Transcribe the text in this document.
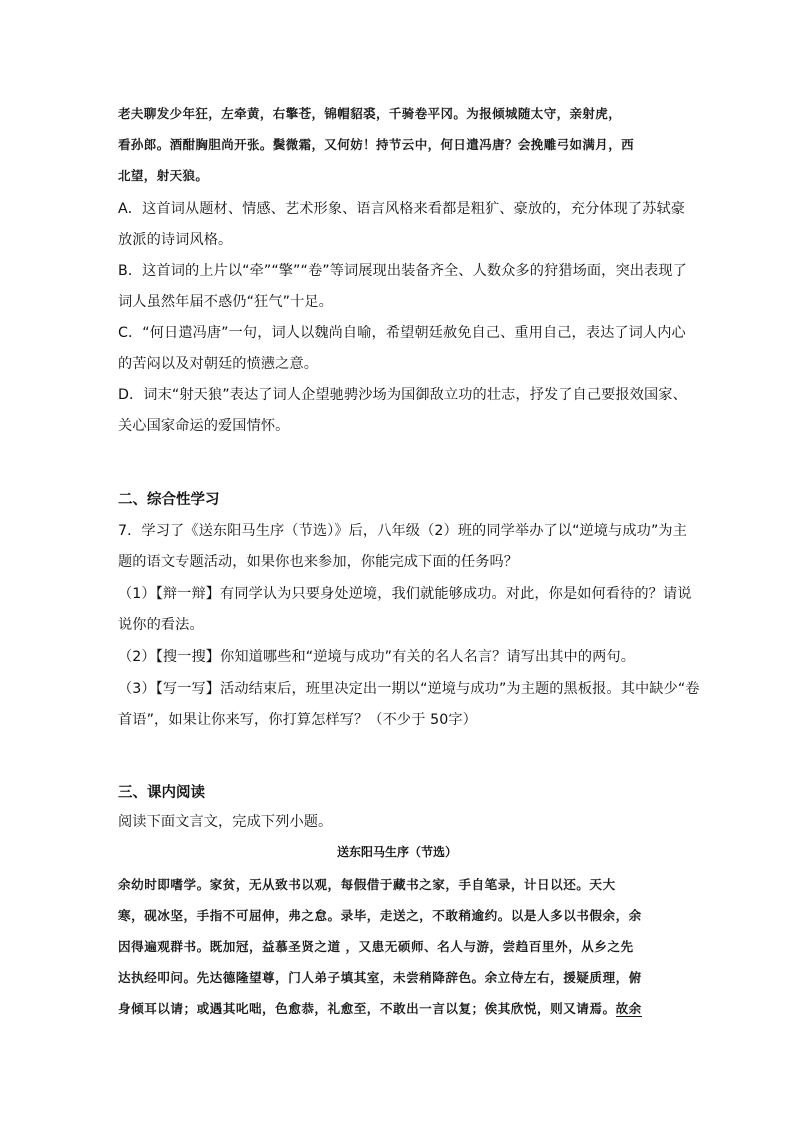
老夫聊发少年狂，左牵黄，右擎苍，锦帽貂裘，千骑卷平冈。为报倾城随太守，亲射虎，
看孙郎。酒酣胸胆尚开张。鬓微霜，又何妨！持节云中，何日遣冯唐？会挽雕弓如满月，西
北望，射天狼。
A．这首词从题材、情感、艺术形象、语言风格来看都是粗犷、豪放的，充分体现了苏轼豪
放派的诗词风格。
B．这首词的上片以“牵”“擎”“卷”等词展现出装备齐全、人数众多的狩猎场面，突出表现了
词人虽然年届不惑仍“狂气”十足。
C．“何日遣冯唐”一句，词人以魏尚自喻，希望朝廷赦免自己、重用自己，表达了词人内心
的苦闷以及对朝廷的愤懑之意。
D．词末“射天狼”表达了词人企望驰骋沙场为国御敌立功的壮志，抒发了自己要报效国家、
关心国家命运的爱国情怀。
二、综合性学习
7．学习了《送东阳马生序（节选）》后，八年级（2）班的同学举办了以“逆境与成功”为主
题的语文专题活动，如果你也来参加，你能完成下面的任务吗？
（1）【辩一辩】有同学认为只要身处逆境，我们就能够成功。对此，你是如何看待的？请说
说你的看法。
（2）【搜一搜】你知道哪些和“逆境与成功”有关的名人名言？请写出其中的两句。
（3）【写一写】活动结束后，班里决定出一期以“逆境与成功”为主题的黑板报。其中缺少“卷
首语”，如果让你来写，你打算怎样写？（不少于 50字）
三、课内阅读
阅读下面文言文，完成下列小题。
送东阳马生序（节选）
余幼时即嗜学。家贫，无从致书以观，每假借于藏书之家，手自笔录，计日以还。天大
寒，砚冰坚，手指不可屈伸，弗之怠。录毕，走送之，不敢稍逾约。以是人多以书假余，余
因得遍观群书。既加冠，益慕圣贤之道 ，又患无硕师、名人与游，尝趋百里外，从乡之先
达执经叩问。先达德隆望尊，门人弟子填其室，未尝稍降辞色。余立侍左右，援疑质理，俯
身倾耳以请；或遇其叱咄，色愈恭，礼愈至，不敢出一言以复；俟其欣悦，则又请焉。故余
